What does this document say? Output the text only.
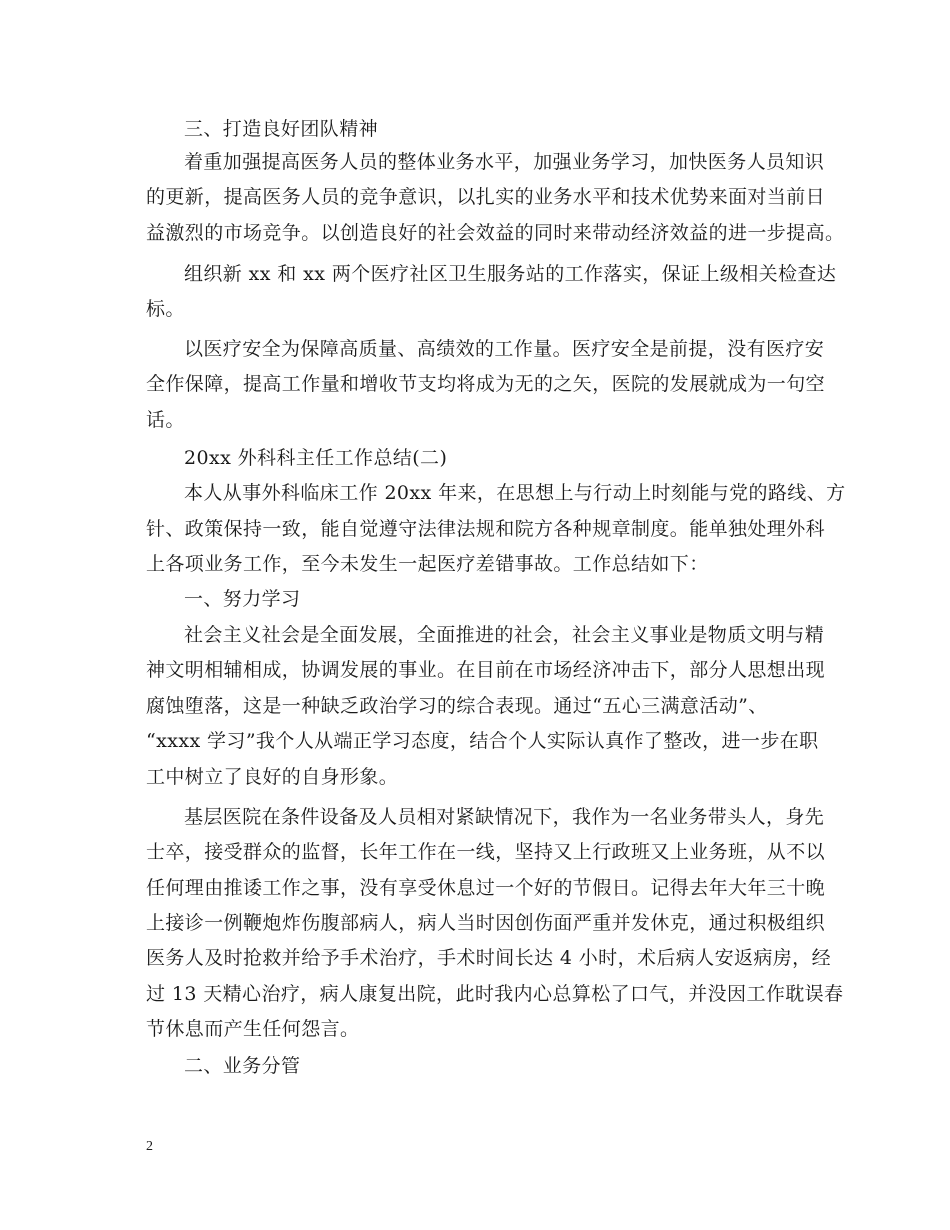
三、打造良好团队精神
着重加强提高医务人员的整体业务水平，加强业务学习，加快医务人员知识
的更新，提高医务人员的竞争意识，以扎实的业务水平和技术优势来面对当前日
益激烈的市场竞争。以创造良好的社会效益的同时来带动经济效益的进一步提高。
组织新 xx 和 xx 两个医疗社区卫生服务站的工作落实，保证上级相关检查达
标。
以医疗安全为保障高质量、高绩效的工作量。医疗安全是前提，没有医疗安
全作保障，提高工作量和增收节支均将成为无的之矢，医院的发展就成为一句空
话。
20xx 外科科主任工作总结(二)
本人从事外科临床工作 20xx 年来，在思想上与行动上时刻能与党的路线、方
针、政策保持一致，能自觉遵守法律法规和院方各种规章制度。能单独处理外科
上各项业务工作，至今未发生一起医疗差错事故。工作总结如下：
一、努力学习
社会主义社会是全面发展，全面推进的社会，社会主义事业是物质文明与精
神文明相辅相成，协调发展的事业。在目前在市场经济冲击下，部分人思想出现
腐蚀堕落，这是一种缺乏政治学习的综合表现。通过“五心三满意活动”、
“xxxx 学习”我个人从端正学习态度，结合个人实际认真作了整改，进一步在职
工中树立了良好的自身形象。
基层医院在条件设备及人员相对紧缺情况下，我作为一名业务带头人，身先
士卒，接受群众的监督，长年工作在一线，坚持又上行政班又上业务班，从不以
任何理由推诿工作之事，没有享受休息过一个好的节假日。记得去年大年三十晚
上接诊一例鞭炮炸伤腹部病人，病人当时因创伤面严重并发休克，通过积极组织
医务人及时抢救并给予手术治疗，手术时间长达 4 小时，术后病人安返病房，经
过 13 天精心治疗，病人康复出院，此时我内心总算松了口气，并没因工作耽误春
节休息而产生任何怨言。
二、业务分管
2
